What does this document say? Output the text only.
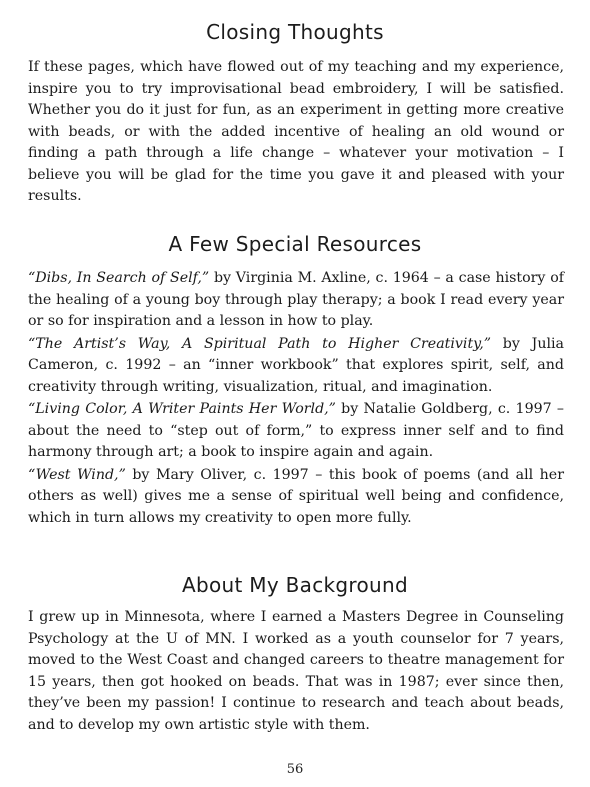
Closing Thoughts

If these pages, which have flowed out of my teaching and my experience, inspire you to try improvisational bead embroidery, I will be satisfied. Whether you do it just for fun, as an experiment in getting more creative with beads, or with the added incentive of healing an old wound or finding a path through a life change – whatever your motivation – I believe you will be glad for the time you gave it and pleased with your results.

A Few Special Resources

“Dibs, In Search of Self,” by Virginia M. Axline, c. 1964 – a case history of the healing of a young boy through play therapy; a book I read every year or so for inspiration and a lesson in how to play.

“The Artist’s Way, A Spiritual Path to Higher Creativity,” by Julia Cameron, c. 1992 – an “inner workbook” that explores spirit, self, and creativity through writing, visualization, ritual, and imagination.

“Living Color, A Writer Paints Her World,” by Natalie Goldberg, c. 1997 – about the need to “step out of form,” to express inner self and to find harmony through art; a book to inspire again and again.

“West Wind,” by Mary Oliver, c. 1997 – this book of poems (and all her others as well) gives me a sense of spiritual well being and confidence, which in turn allows my creativity to open more fully.

About My Background

I grew up in Minnesota, where I earned a Masters Degree in Counseling Psychology at the U of MN. I worked as a youth counselor for 7 years, moved to the West Coast and changed careers to theatre management for 15 years, then got hooked on beads. That was in 1987; ever since then, they’ve been my passion! I continue to research and teach about beads, and to develop my own artistic style with them.

56
